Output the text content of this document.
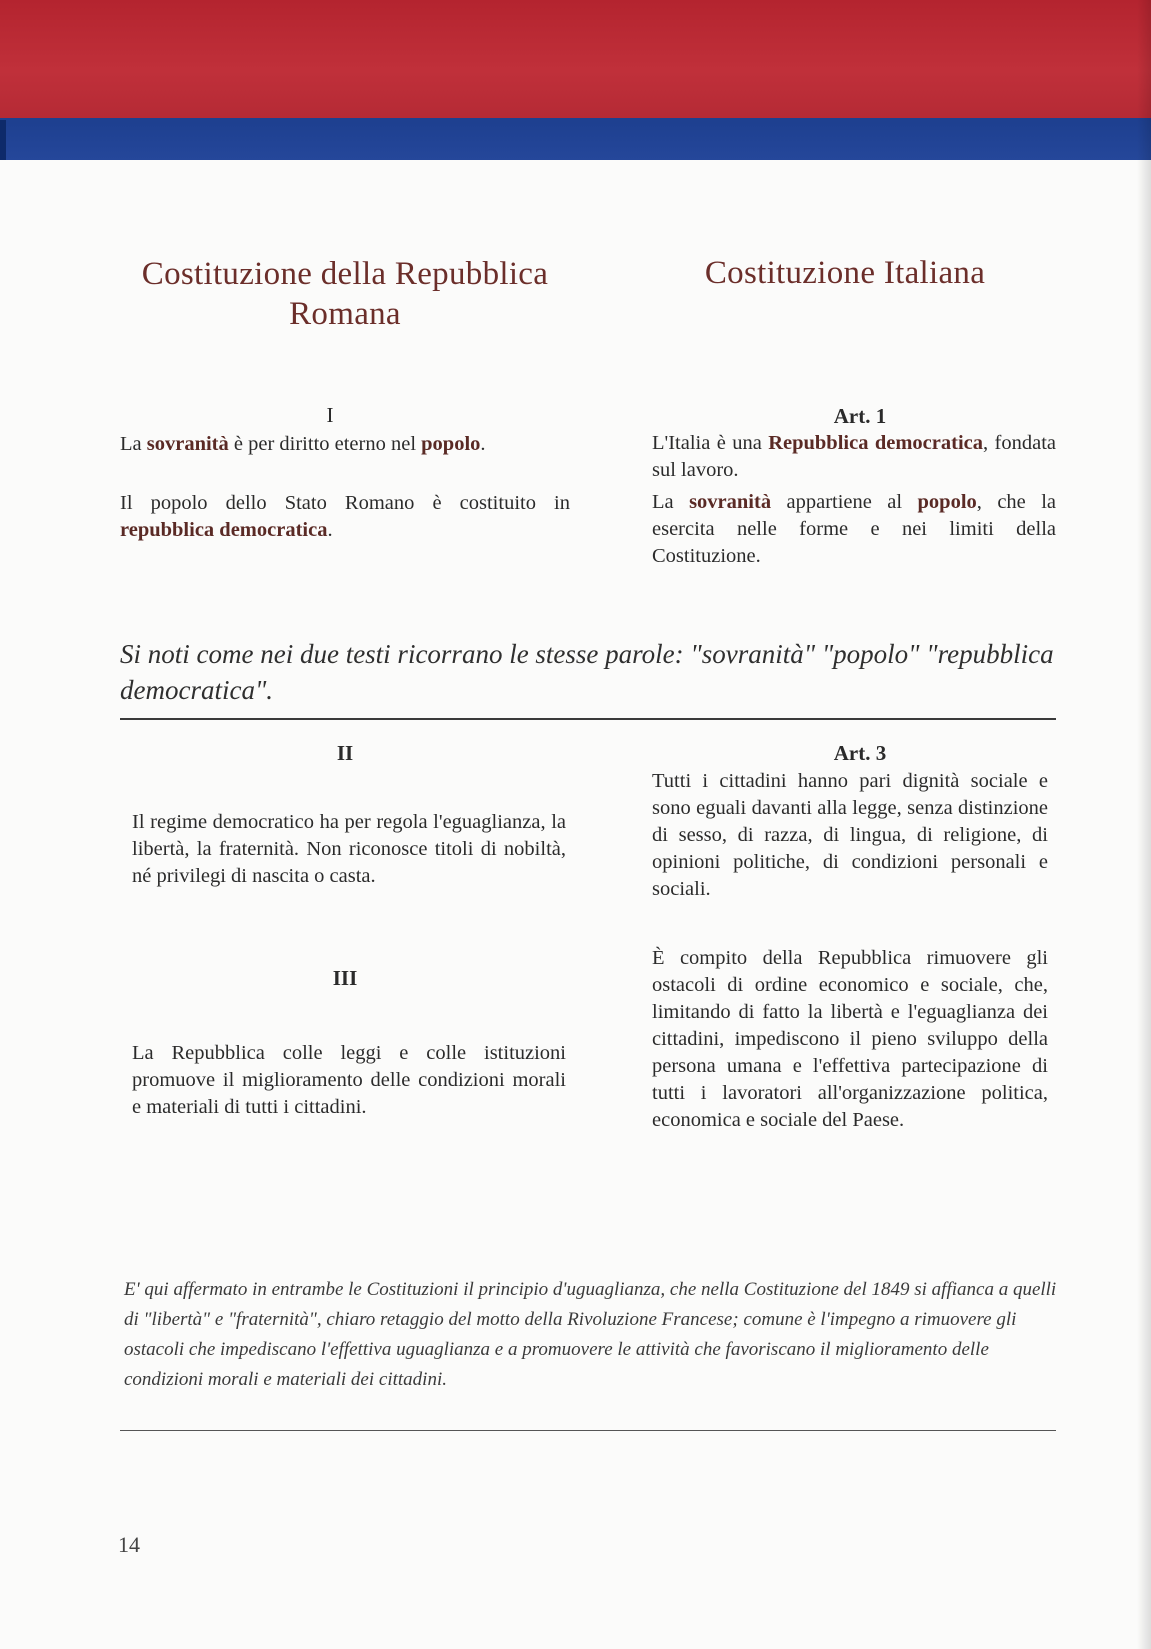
Costituzione della Repubblica Romana
Costituzione Italiana
I

La sovranità è per diritto eterno nel popolo.

Il popolo dello Stato Romano è costituito in repubblica democratica.

Art. 1

L'Italia è una Repubblica democratica, fondata sul lavoro.

La sovranità appartiene al popolo, che la esercita nelle forme e nei limiti della Costituzione.

Si noti come nei due testi ricorrano le stesse parole: "sovranità" "popolo" "repubblica democratica".

II

Il regime democratico ha per regola l'eguaglianza, la libertà, la fraternità. Non riconosce titoli di nobiltà, né privilegi di nascita o casta.

III

La Repubblica colle leggi e colle istituzioni promuove il miglioramento delle condizioni morali e materiali di tutti i cittadini.

Art. 3

Tutti i cittadini hanno pari dignità sociale e sono eguali davanti alla legge, senza distinzione di sesso, di razza, di lingua, di religione, di opinioni politiche, di condizioni personali e sociali.

È compito della Repubblica rimuovere gli ostacoli di ordine economico e sociale, che, limitando di fatto la libertà e l'eguaglianza dei cittadini, impediscono il pieno sviluppo della persona umana e l'effettiva partecipazione di tutti i lavoratori all'organizzazione politica, economica e sociale del Paese.

E' qui affermato in entrambe le Costituzioni il principio d'uguaglianza, che nella Costituzione del 1849 si affianca a quelli di "libertà" e "fraternità", chiaro retaggio del motto della Rivoluzione Francese; comune è l'impegno a rimuovere gli ostacoli che impediscano l'effettiva uguaglianza e a promuovere le attività che favoriscano il miglioramento delle condizioni morali e materiali dei cittadini.

14
